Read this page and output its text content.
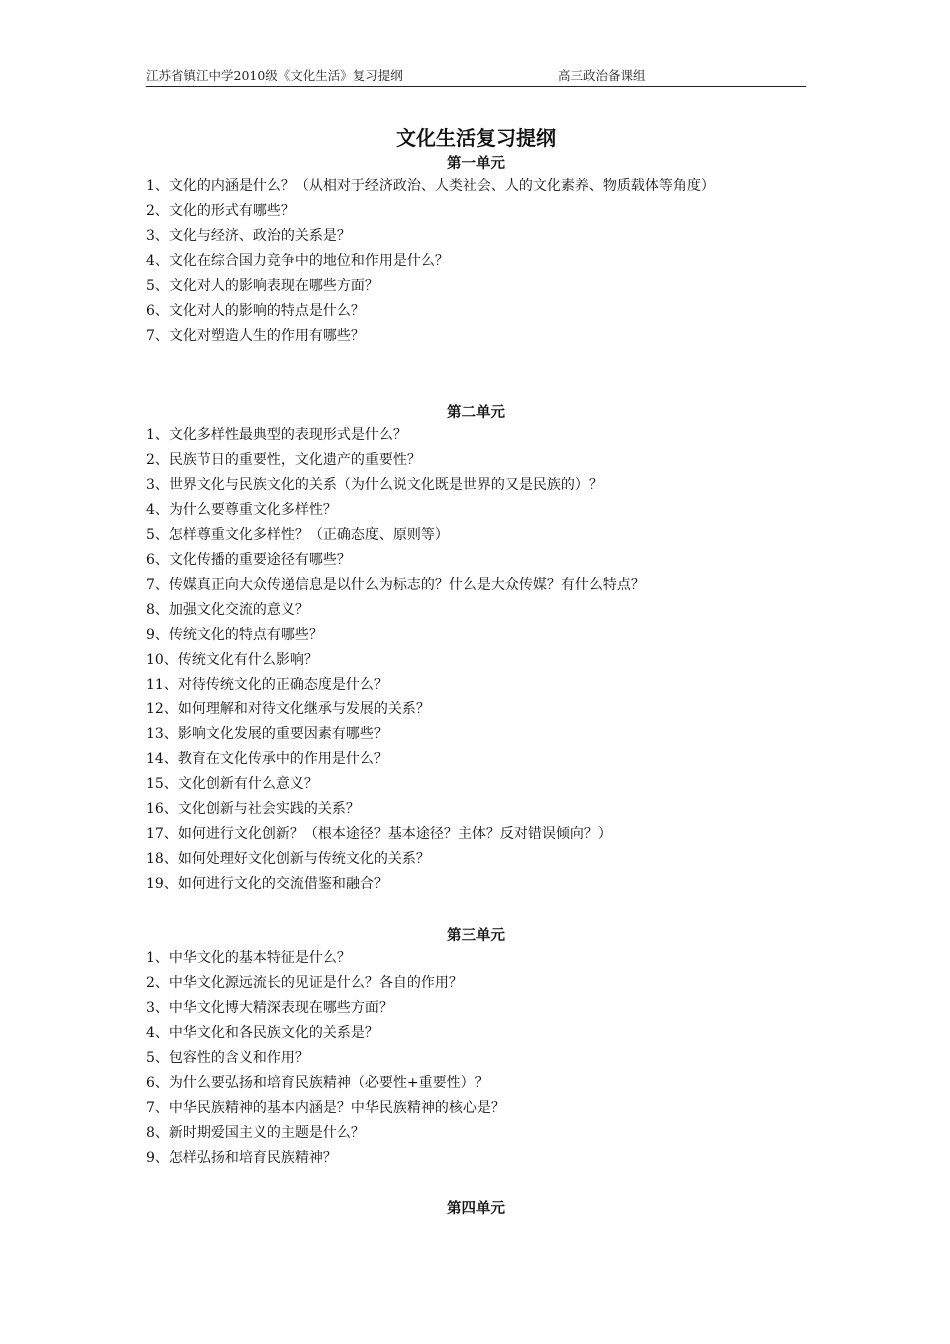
江苏省镇江中学2010级《文化生活》复习提纲	高三政治备课组
文化生活复习提纲
第一单元
1、文化的内涵是什么？（从相对于经济政治、人类社会、人的文化素养、物质载体等角度）
2、文化的形式有哪些？
3、文化与经济、政治的关系是？
4、文化在综合国力竞争中的地位和作用是什么？
5、文化对人的影响表现在哪些方面？
6、文化对人的影响的特点是什么？
7、文化对塑造人生的作用有哪些？
第二单元
1、文化多样性最典型的表现形式是什么？
2、民族节日的重要性，文化遗产的重要性？
3、世界文化与民族文化的关系（为什么说文化既是世界的又是民族的）？
4、为什么要尊重文化多样性？
5、怎样尊重文化多样性？（正确态度、原则等）
6、文化传播的重要途径有哪些？
7、传媒真正向大众传递信息是以什么为标志的？什么是大众传媒？有什么特点？
8、加强文化交流的意义？
9、传统文化的特点有哪些？
10、传统文化有什么影响？
11、对待传统文化的正确态度是什么？
12、如何理解和对待文化继承与发展的关系？
13、影响文化发展的重要因素有哪些？
14、教育在文化传承中的作用是什么？
15、文化创新有什么意义？
16、文化创新与社会实践的关系？
17、如何进行文化创新？（根本途径？基本途径？主体？反对错误倾向？）
18、如何处理好文化创新与传统文化的关系？
19、如何进行文化的交流借鉴和融合？
第三单元
1、中华文化的基本特征是什么？
2、中华文化源远流长的见证是什么？各自的作用？
3、中华文化博大精深表现在哪些方面？
4、中华文化和各民族文化的关系是？
5、包容性的含义和作用？
6、为什么要弘扬和培育民族精神（必要性+重要性）？
7、中华民族精神的基本内涵是？中华民族精神的核心是？
8、新时期爱国主义的主题是什么？
9、怎样弘扬和培育民族精神？
第四单元
